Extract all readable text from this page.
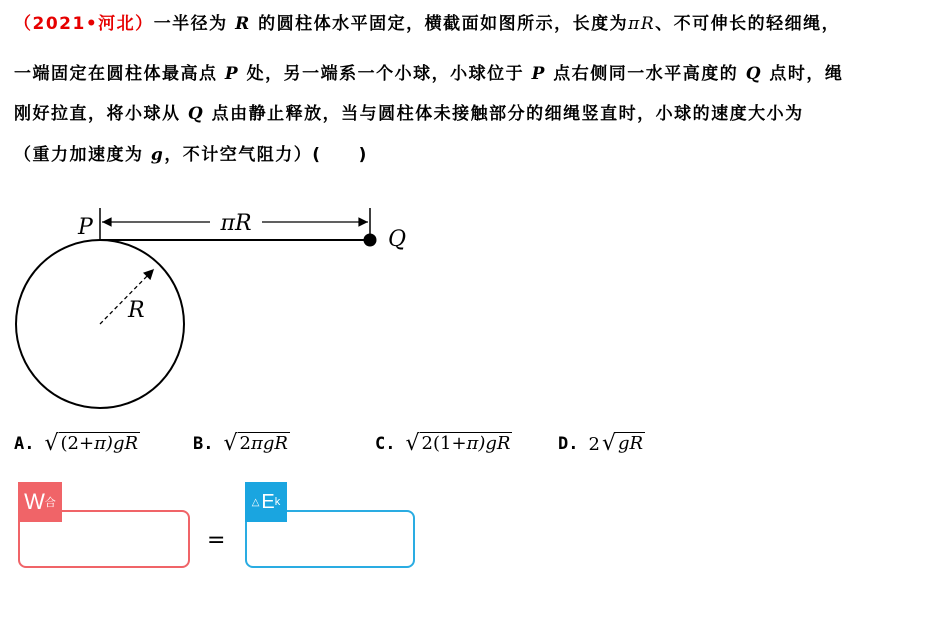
（2021•河北）一半径为 R 的圆柱体水平固定，横截面如图所示，长度为πR、不可伸长的轻细绳，
一端固定在圆柱体最高点 P 处，另一端系一个小球，小球位于 P 点右侧同一水平高度的 Q 点时，绳
刚好拉直，将小球从 Q 点由静止释放，当与圆柱体未接触部分的细绳竖直时，小球的速度大小为
（重力加速度为 g，不计空气阻力）(　　)
πR
P	Q
R
A. √ (2+π)gR	B. √ 2πgR	C. √ 2(1+π)gR	D. 2 √ gR
W 合
=
△ E k
